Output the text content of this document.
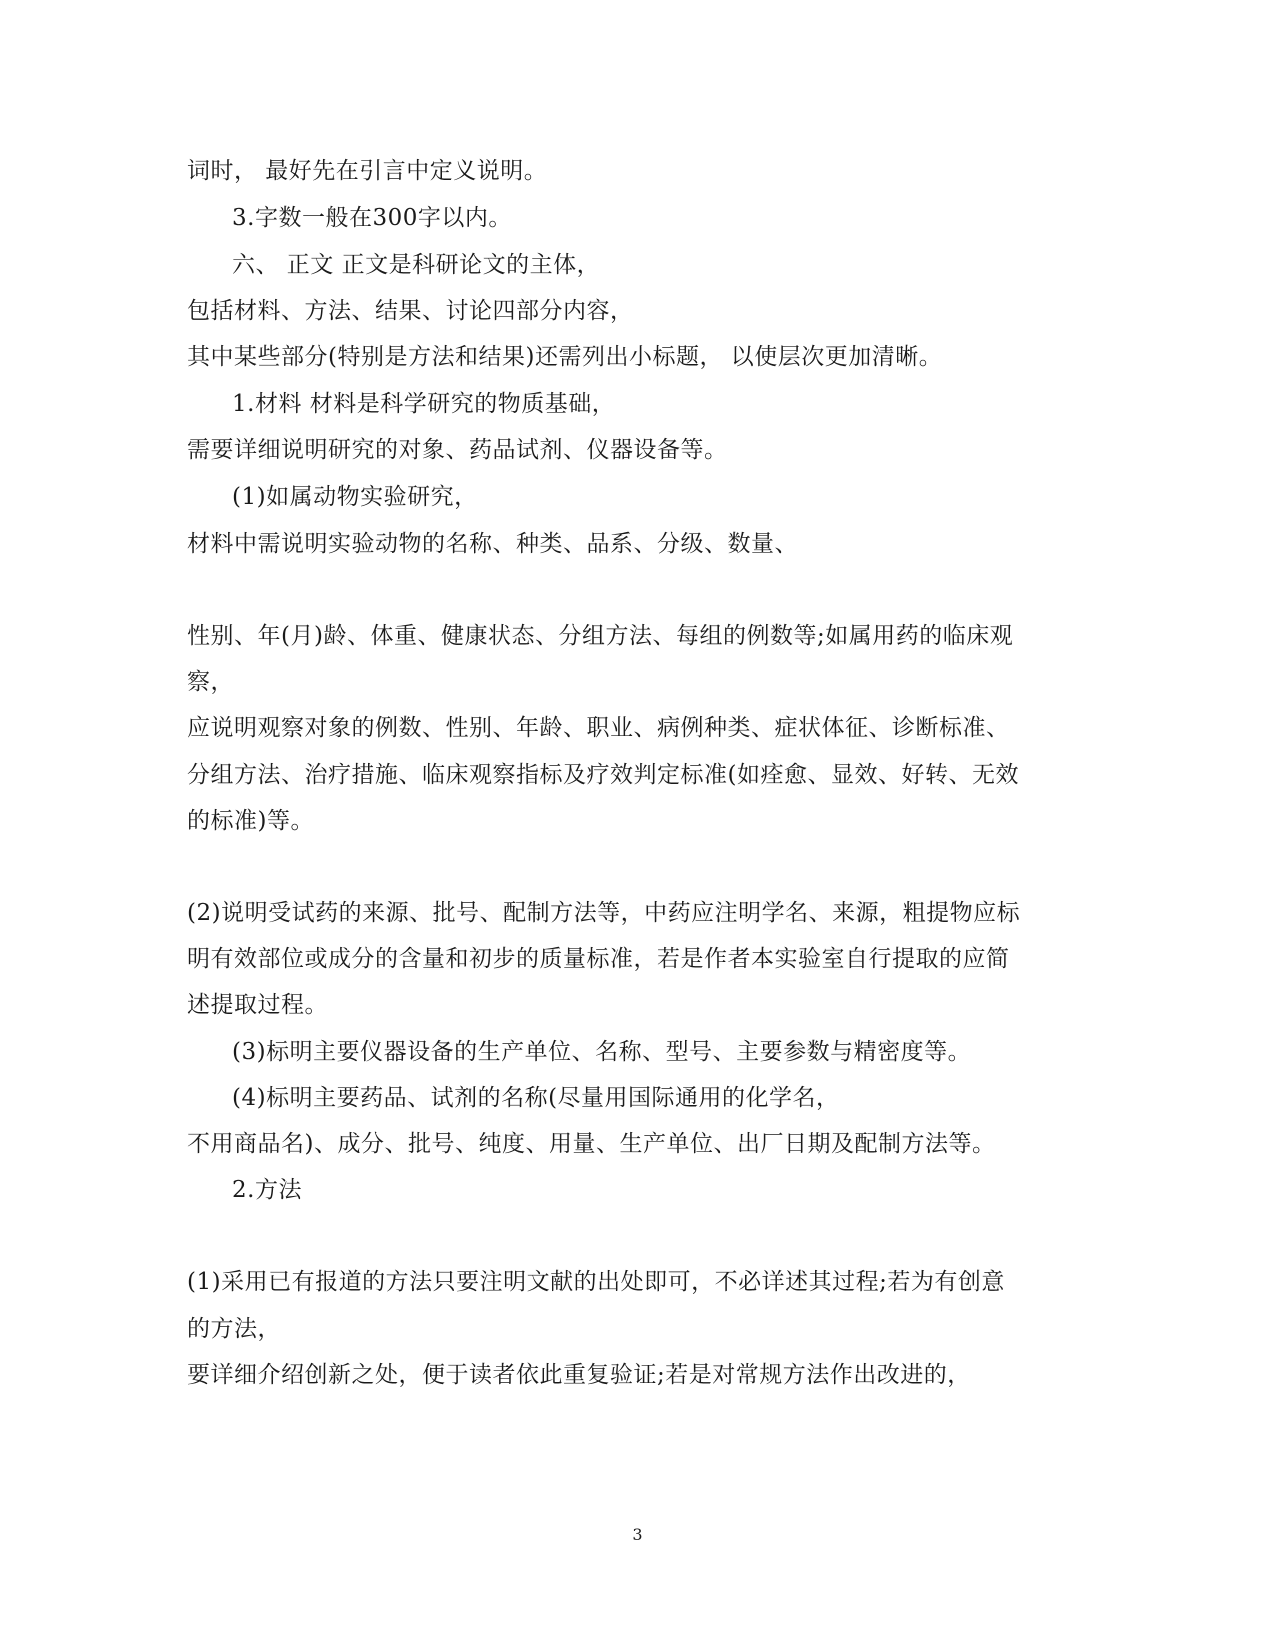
词时， 最好先在引言中定义说明。

3.字数一般在300字以内。

六、 正文 正文是科研论文的主体，

包括材料、方法、结果、讨论四部分内容，

其中某些部分(特别是方法和结果)还需列出小标题， 以使层次更加清晰。

1.材料 材料是科学研究的物质基础，

需要详细说明研究的对象、药品试剂、仪器设备等。

(1)如属动物实验研究，

材料中需说明实验动物的名称、种类、品系、分级、数量、

性别、年(月)龄、体重、健康状态、分组方法、每组的例数等;如属用药的临床观

察，

应说明观察对象的例数、性别、年龄、职业、病例种类、症状体征、诊断标准、

分组方法、治疗措施、临床观察指标及疗效判定标准(如痊愈、显效、好转、无效

的标准)等。

(2)说明受试药的来源、批号、配制方法等，中药应注明学名、来源，粗提物应标

明有效部位或成分的含量和初步的质量标准，若是作者本实验室自行提取的应简

述提取过程。

(3)标明主要仪器设备的生产单位、名称、型号、主要参数与精密度等。

(4)标明主要药品、试剂的名称(尽量用国际通用的化学名，

不用商品名)、成分、批号、纯度、用量、生产单位、出厂日期及配制方法等。

2.方法

(1)采用已有报道的方法只要注明文献的出处即可，不必详述其过程;若为有创意

的方法，

要详细介绍创新之处，便于读者依此重复验证;若是对常规方法作出改进的，

3
